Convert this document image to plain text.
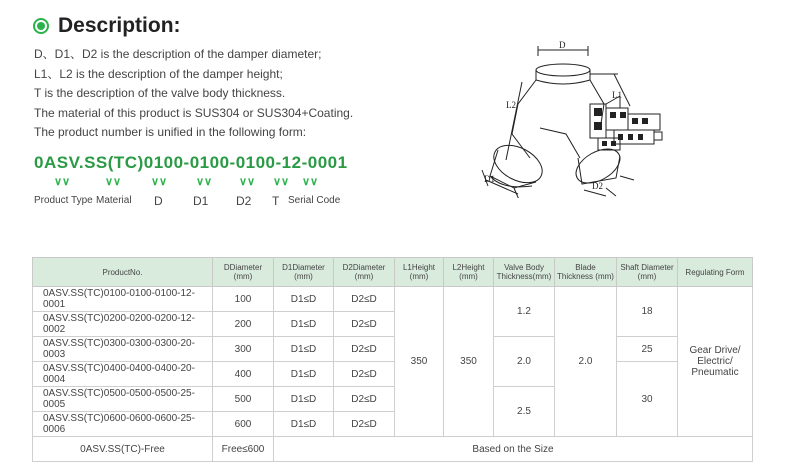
Description:
D、D1、D2 is the description of the damper diameter;
L1、L2 is the description of the damper height;
T is the description of the valve body thickness.
The material of this product is SUS304 or SUS304+Coating.
The product number is unified in the following form:
0ASV.SS(TC)0100-0100-0100-12-0001
∨∨	∨∨	∨∨	∨∨ ∨∨ ∨∨ ∨∨
Product Type Material D	D1 D2 T Serial Code
D
D1
D2
L1
L2
ProductNo.	DDiameter (mm)	D1Diameter (mm)	D2Diameter (mm)	L1Height (mm)	L2Height (mm)	Valve Body Thickness(mm)	Blade Thickness (mm)	Shaft Diameter (mm)	Regulating Form
0ASV.SS(TC)0100-0100-0100-12-0001	100	D1≤D	D2≤D	350	350	1.2	2.0	18	Gear Drive/
Electric/
Pneumatic

0ASV.SS(TC)0200-0200-0200-12-0002	200	D1≤D	D2≤D						
0ASV.SS(TC)0300-0300-0300-20-0003	300	D1≤D	D2≤D			2.0		25	
0ASV.SS(TC)0400-0400-0400-20-0004	400	D1≤D	D2≤D					30	
0ASV.SS(TC)0500-0500-0500-25-0005	500	D1≤D	D2≤D			2.5			
0ASV.SS(TC)0600-0600-0600-25-0006	600	D1≤D	D2≤D						
0ASV.SS(TC)-Free	Free≤600	Based on the Size							
